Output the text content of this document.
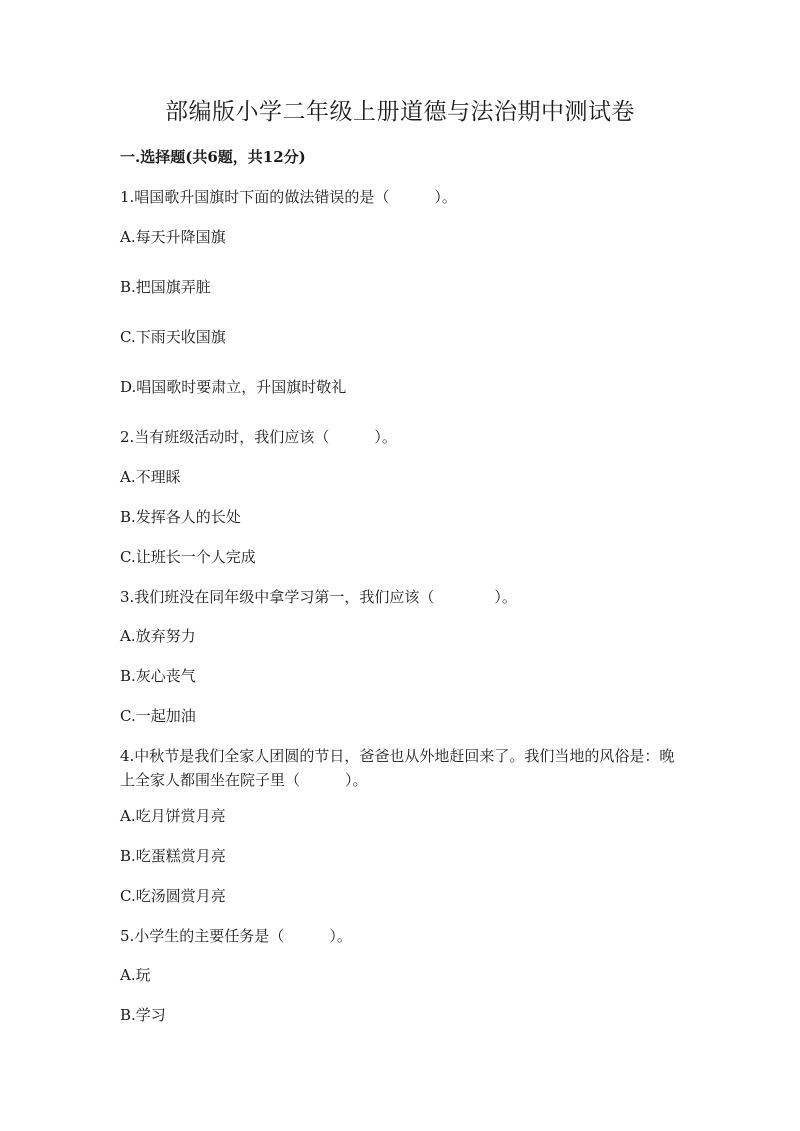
部编版小学二年级上册道德与法治期中测试卷
一.选择题(共6题，共12分)
1.唱国歌升国旗时下面的做法错误的是（　　　）。
A.每天升降国旗
B.把国旗弄脏
C.下雨天收国旗
D.唱国歌时要肃立，升国旗时敬礼
2.当有班级活动时，我们应该（　　　）。
A.不理睬
B.发挥各人的长处
C.让班长一个人完成
3.我们班没在同年级中拿学习第一，我们应该（　　　　）。
A.放弃努力
B.灰心丧气
C.一起加油
4.中秋节是我们全家人团圆的节日，爸爸也从外地赶回来了。我们当地的风俗是：晚上全家人都围坐在院子里（　　　）。
A.吃月饼赏月亮
B.吃蛋糕赏月亮
C.吃汤圆赏月亮
5.小学生的主要任务是（　　　）。
A.玩
B.学习
